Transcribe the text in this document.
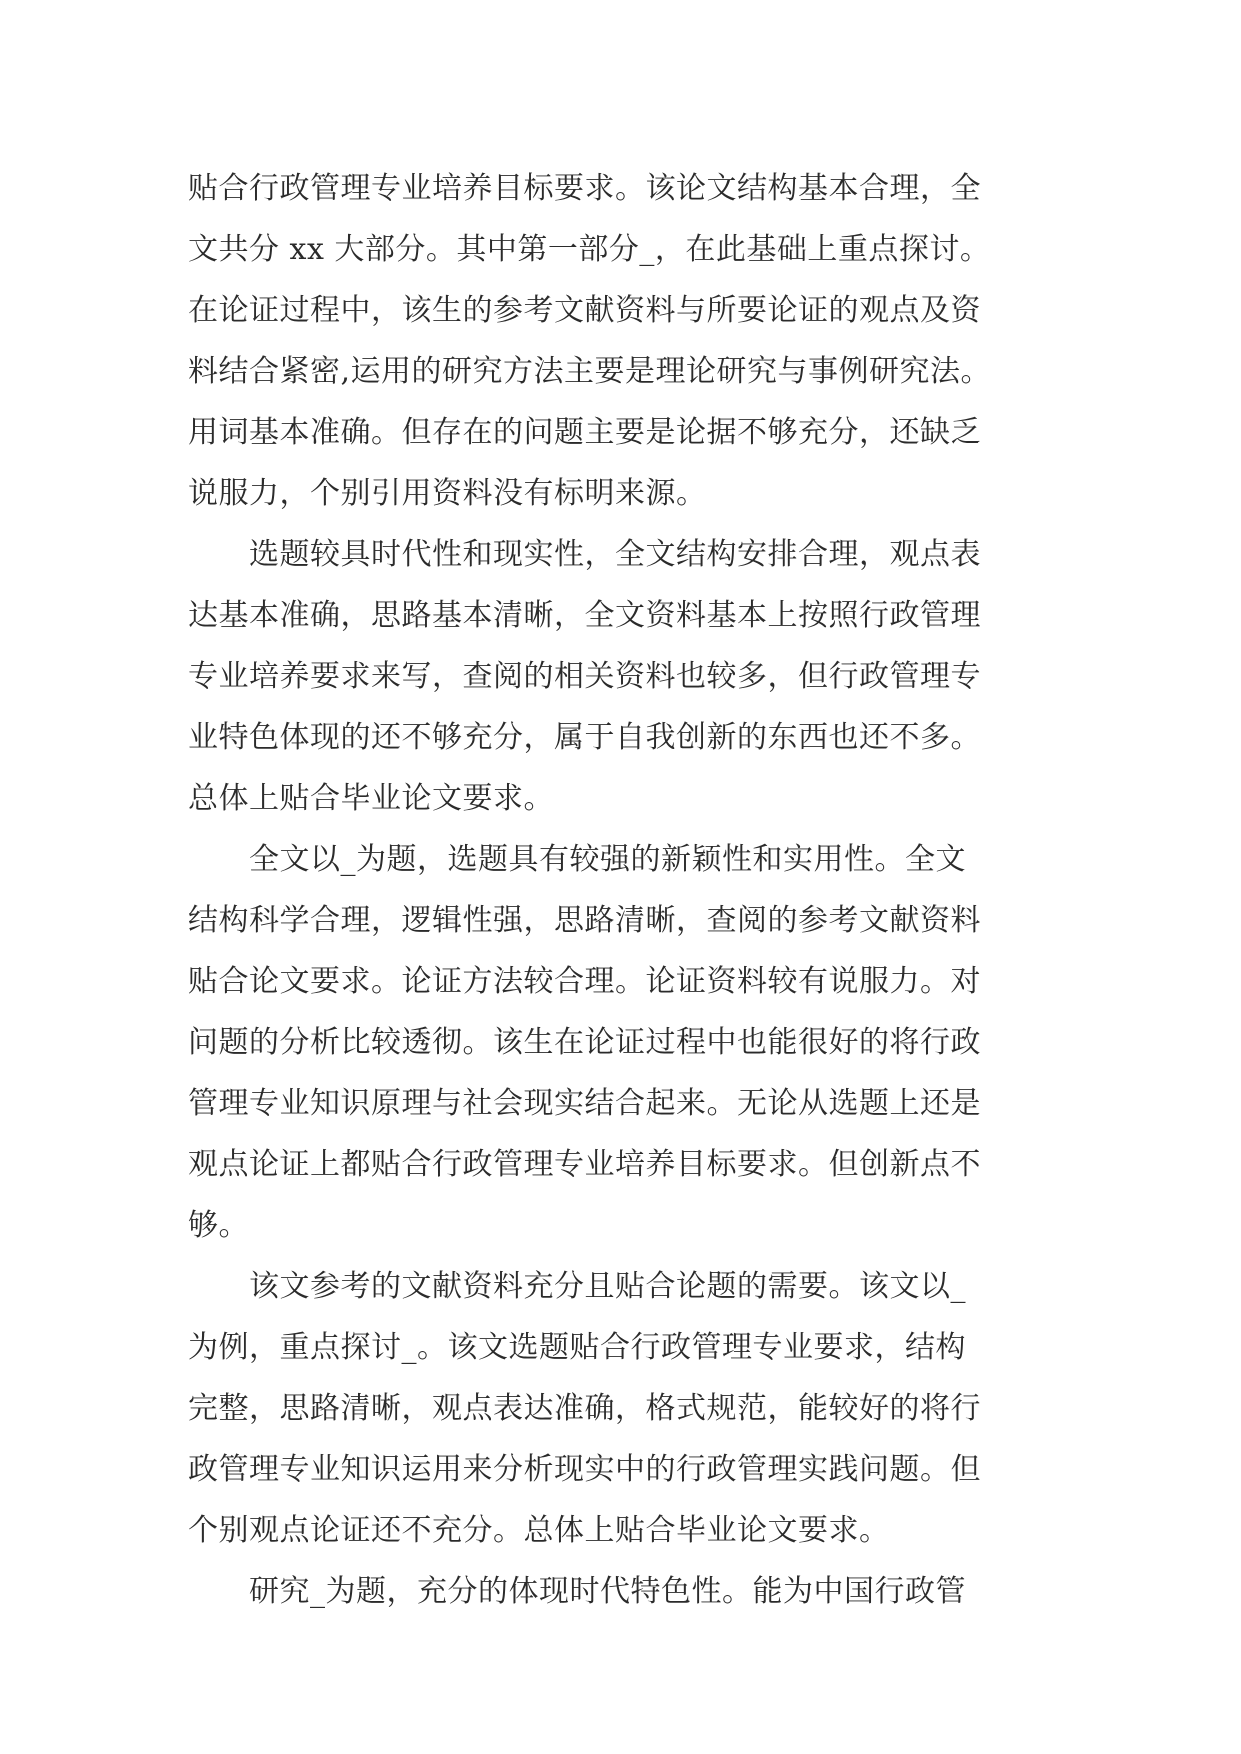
贴合行政管理专业培养目标要求。该论文结构基本合理，全
文共分 xx 大部分。其中第一部分_，在此基础上重点探讨。
在论证过程中，该生的参考文献资料与所要论证的观点及资
料结合紧密,运用的研究方法主要是理论研究与事例研究法。
用词基本准确。但存在的问题主要是论据不够充分，还缺乏
说服力，个别引用资料没有标明来源。
　　选题较具时代性和现实性，全文结构安排合理，观点表
达基本准确，思路基本清晰，全文资料基本上按照行政管理
专业培养要求来写，查阅的相关资料也较多，但行政管理专
业特色体现的还不够充分，属于自我创新的东西也还不多。
总体上贴合毕业论文要求。
　　全文以_为题，选题具有较强的新颖性和实用性。全文
结构科学合理，逻辑性强，思路清晰，查阅的参考文献资料
贴合论文要求。论证方法较合理。论证资料较有说服力。对
问题的分析比较透彻。该生在论证过程中也能很好的将行政
管理专业知识原理与社会现实结合起来。无论从选题上还是
观点论证上都贴合行政管理专业培养目标要求。但创新点不
够。
　　该文参考的文献资料充分且贴合论题的需要。该文以_
为例，重点探讨_。该文选题贴合行政管理专业要求，结构
完整，思路清晰，观点表达准确，格式规范，能较好的将行
政管理专业知识运用来分析现实中的行政管理实践问题。但
个别观点论证还不充分。总体上贴合毕业论文要求。
　　研究_为题，充分的体现时代特色性。能为中国行政管
